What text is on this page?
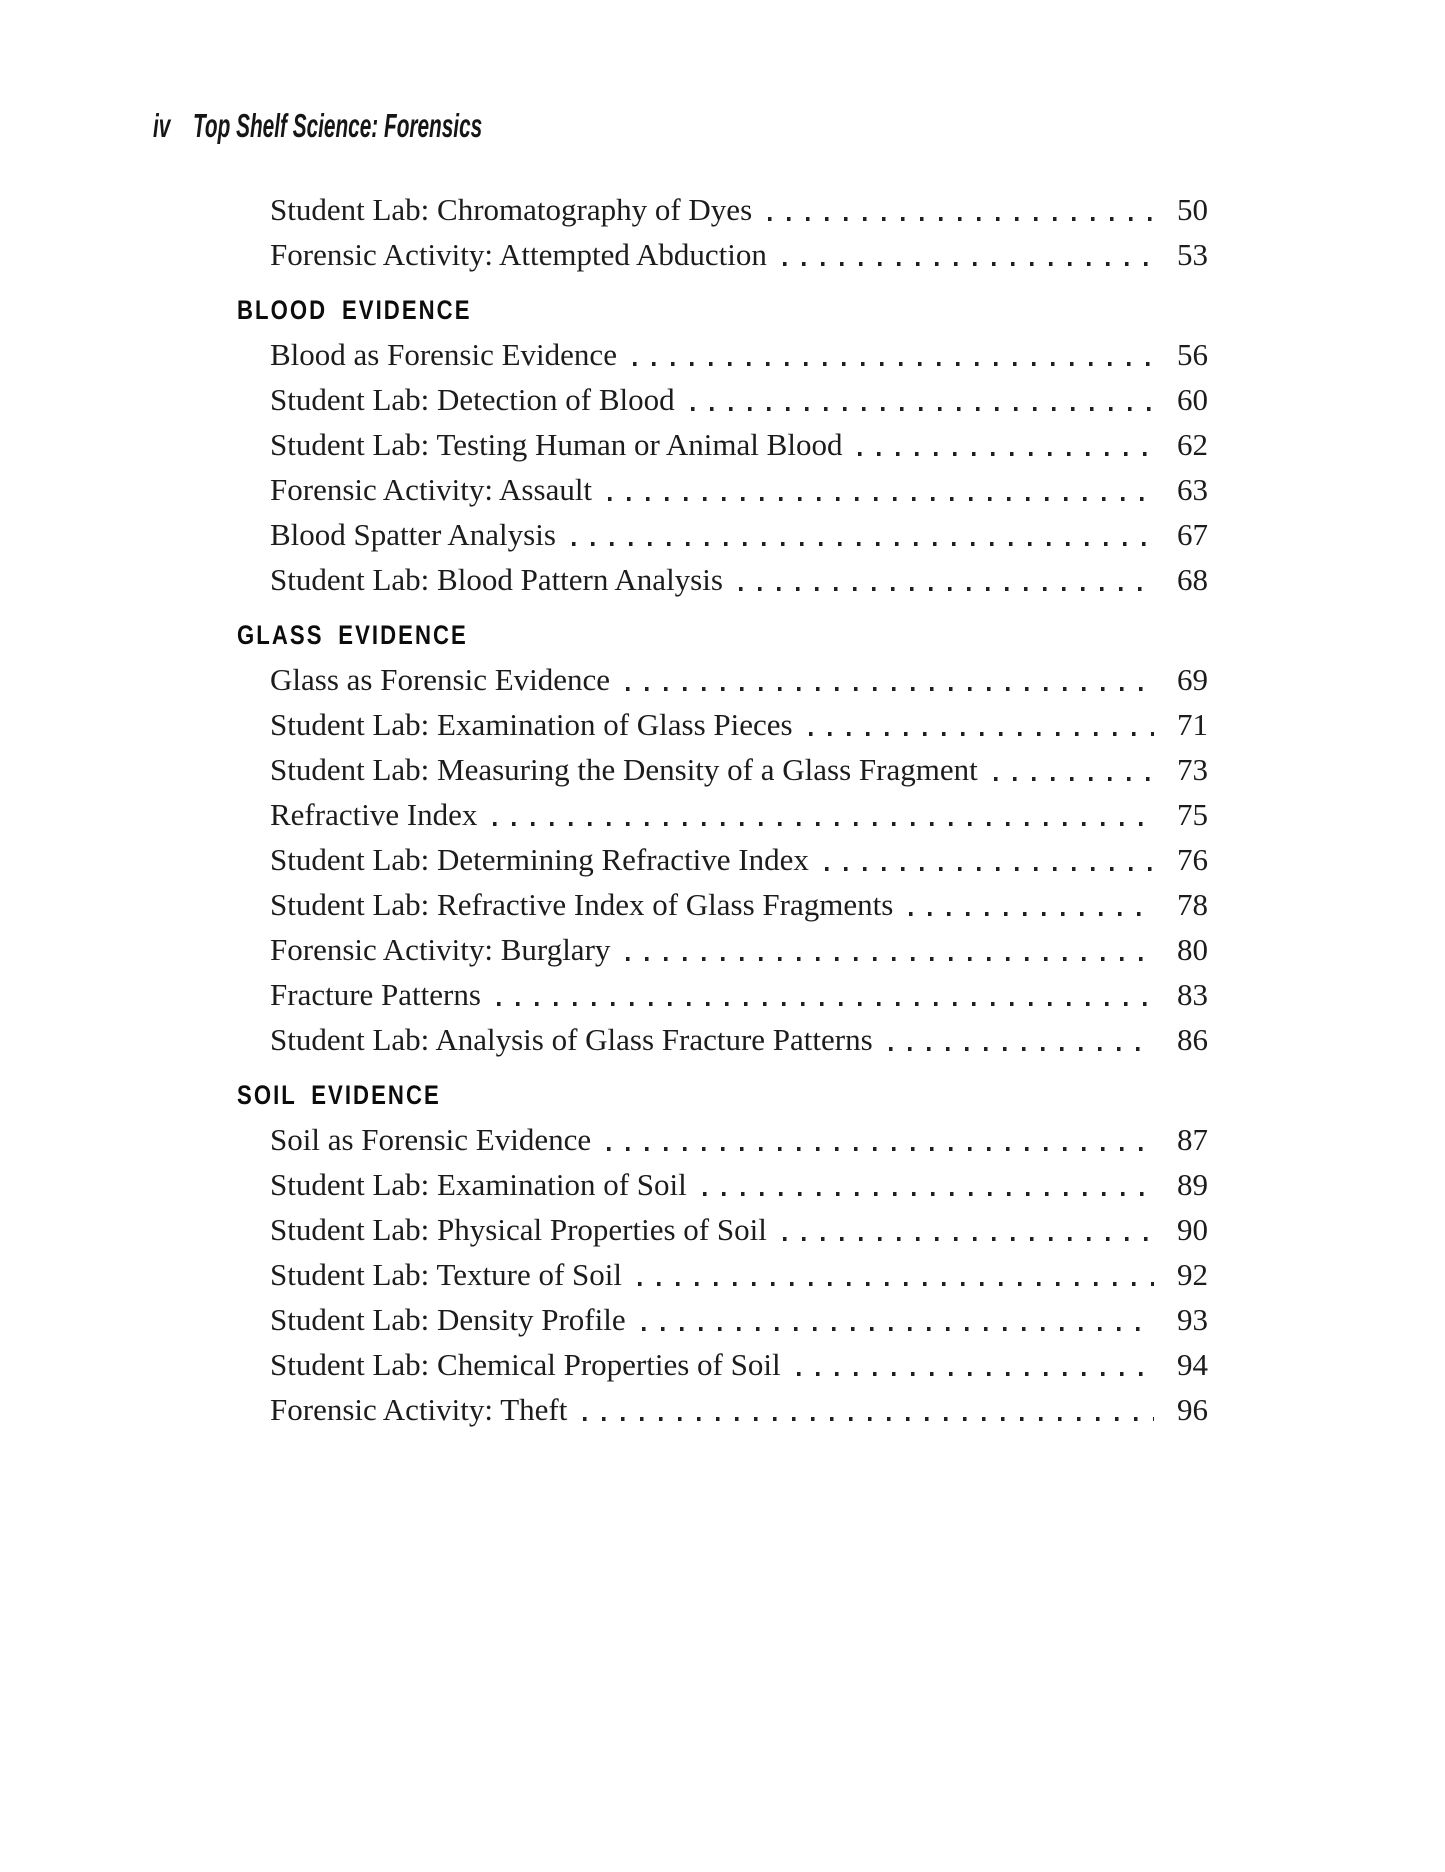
iv Top Shelf Science: Forensics
Student Lab: Chromatography of Dyes	50
Forensic Activity: Attempted Abduction	53
BLOOD EVIDENCE
Blood as Forensic Evidence	56
Student Lab: Detection of Blood	60
Student Lab: Testing Human or Animal Blood	62
Forensic Activity: Assault	63
Blood Spatter Analysis	67
Student Lab: Blood Pattern Analysis	68
GLASS EVIDENCE
Glass as Forensic Evidence	69
Student Lab: Examination of Glass Pieces	71
Student Lab: Measuring the Density of a Glass Fragment	73
Refractive Index	75
Student Lab: Determining Refractive Index	76
Student Lab: Refractive Index of Glass Fragments	78
Forensic Activity: Burglary	80
Fracture Patterns	83
Student Lab: Analysis of Glass Fracture Patterns	86
SOIL EVIDENCE
Soil as Forensic Evidence	87
Student Lab: Examination of Soil	89
Student Lab: Physical Properties of Soil	90
Student Lab: Texture of Soil	92
Student Lab: Density Profile	93
Student Lab: Chemical Properties of Soil	94
Forensic Activity: Theft	96
